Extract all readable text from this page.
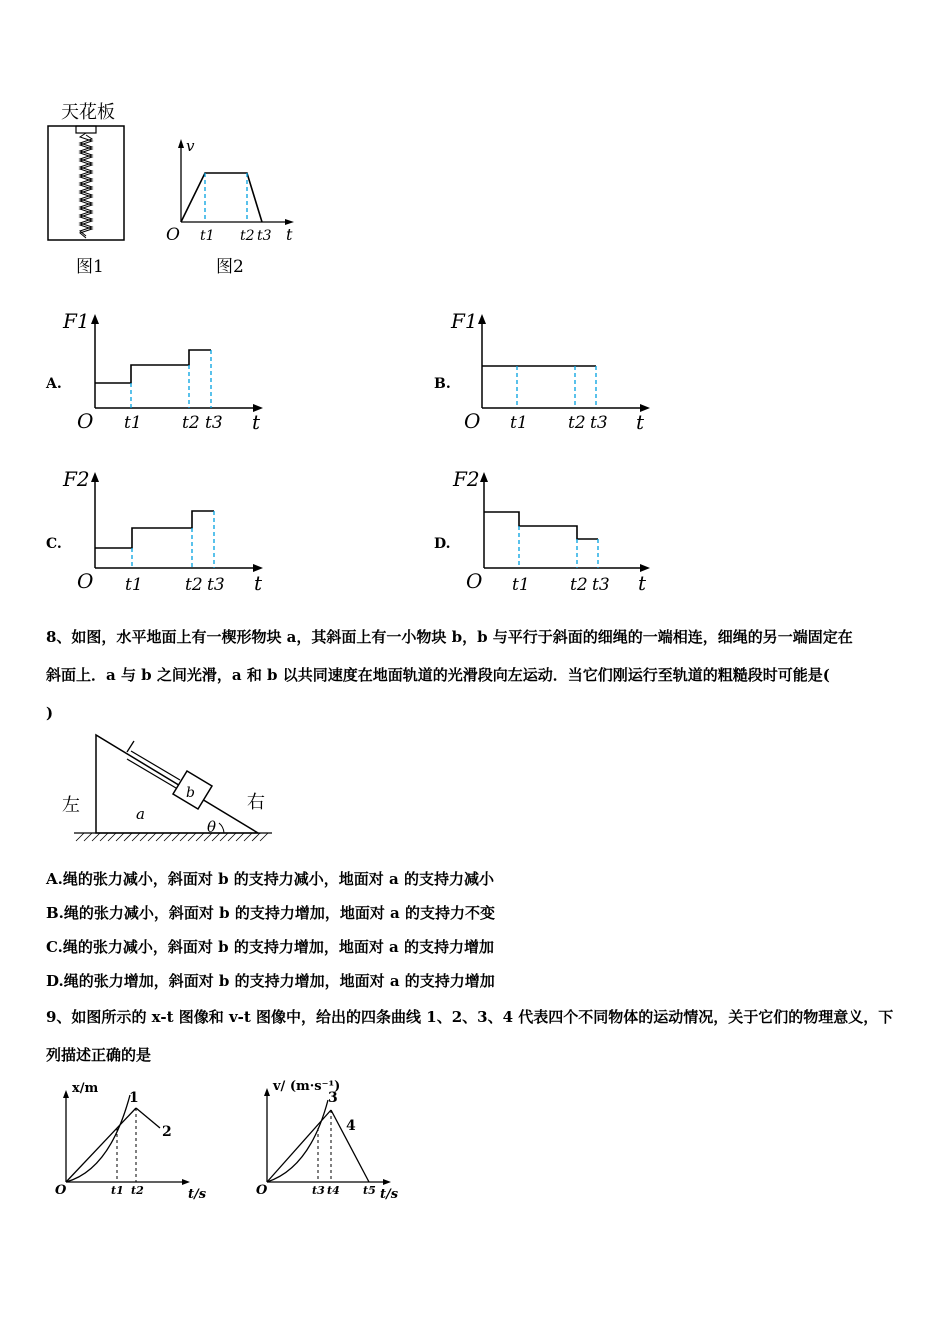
天花板
图1
v
O t1 t2 t3 t
图2
A.
F1
O t1 t2 t3 t
B.
F1
O t1 t2 t3 t
C.
F2
O t1 t2 t3 t
D.
F2
O t1 t2 t3 t
8、如图，水平地面上有一楔形物块 a，其斜面上有一小物块 b，b 与平行于斜面的细绳的一端相连，细绳的另一端固定在
斜面上．a 与 b 之间光滑，a 和 b 以共同速度在地面轨道的光滑段向左运动．当它们刚运行至轨道的粗糙段时可能是(
)
b
a
θ
左	右
A.绳的张力减小，斜面对 b 的支持力减小，地面对 a 的支持力减小
B.绳的张力减小，斜面对 b 的支持力增加，地面对 a 的支持力不变
C.绳的张力减小，斜面对 b 的支持力增加，地面对 a 的支持力增加
D.绳的张力增加，斜面对 b 的支持力增加，地面对 a 的支持力增加
9、如图所示的 x-t 图像和 v-t 图像中，给出的四条曲线 1、2、3、4 代表四个不同物体的运动情况，关于它们的物理意义，下
列描述正确的是
x/m
1
2
O	t1 t2	t/s
v/ (m·s⁻¹)
3
4
O	t3 t4 t5 t/s
